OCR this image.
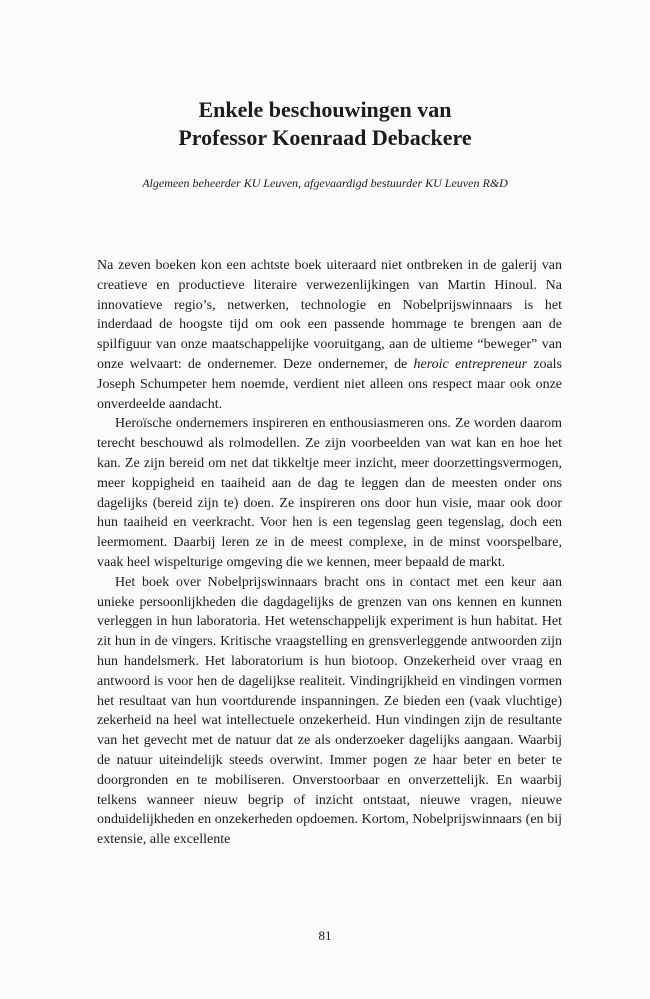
Enkele beschouwingen van
Professor Koenraad Debackere

Algemeen beheerder KU Leuven, afgevaardigd bestuurder KU Leuven R&D

Na zeven boeken kon een achtste boek uiteraard niet ontbreken in de galerij van creatieve en productieve literaire verwezenlijkingen van Martin Hinoul. Na innovatieve regio’s, netwerken, technologie en Nobelprijswinnaars is het inderdaad de hoogste tijd om ook een passende hommage te brengen aan de spilfiguur van onze maatschappelijke vooruitgang, aan de ultieme “beweger” van onze welvaart: de ondernemer. Deze ondernemer, de heroic entrepreneur zoals Joseph Schumpeter hem noemde, verdient niet alleen ons respect maar ook onze onverdeelde aandacht.

Heroïsche ondernemers inspireren en enthousiasmeren ons. Ze worden daarom terecht beschouwd als rolmodellen. Ze zijn voorbeelden van wat kan en hoe het kan. Ze zijn bereid om net dat tikkeltje meer inzicht, meer doorzettingsvermogen, meer koppigheid en taaiheid aan de dag te leggen dan de meesten onder ons dagelijks (bereid zijn te) doen. Ze inspireren ons door hun visie, maar ook door hun taaiheid en veerkracht. Voor hen is een tegenslag geen tegenslag, doch een leermoment. Daarbij leren ze in de meest complexe, in de minst voorspelbare, vaak heel wispelturige omgeving die we kennen, meer bepaald de markt.

Het boek over Nobelprijswinnaars bracht ons in contact met een keur aan unieke persoonlijkheden die dagdagelijks de grenzen van ons kennen en kunnen verleggen in hun laboratoria. Het wetenschappelijk experiment is hun habitat. Het zit hun in de vingers. Kritische vraagstelling en grensverleggende antwoorden zijn hun handelsmerk. Het laboratorium is hun biotoop. Onzekerheid over vraag en antwoord is voor hen de dagelijkse realiteit. Vindingrijkheid en vindingen vormen het resultaat van hun voortdurende inspanningen. Ze bieden een (vaak vluchtige) zekerheid na heel wat intellectuele onzekerheid. Hun vindingen zijn de resultante van het gevecht met de natuur dat ze als onderzoeker dagelijks aangaan. Waarbij de natuur uiteindelijk steeds overwint. Immer pogen ze haar beter en beter te doorgronden en te mobiliseren. Onverstoorbaar en onverzettelijk. En waarbij telkens wanneer nieuw begrip of inzicht ontstaat, nieuwe vragen, nieuwe onduidelijkheden en onzekerheden opdoemen. Kortom, Nobelprijswinnaars (en bij extensie, alle excellente

81
